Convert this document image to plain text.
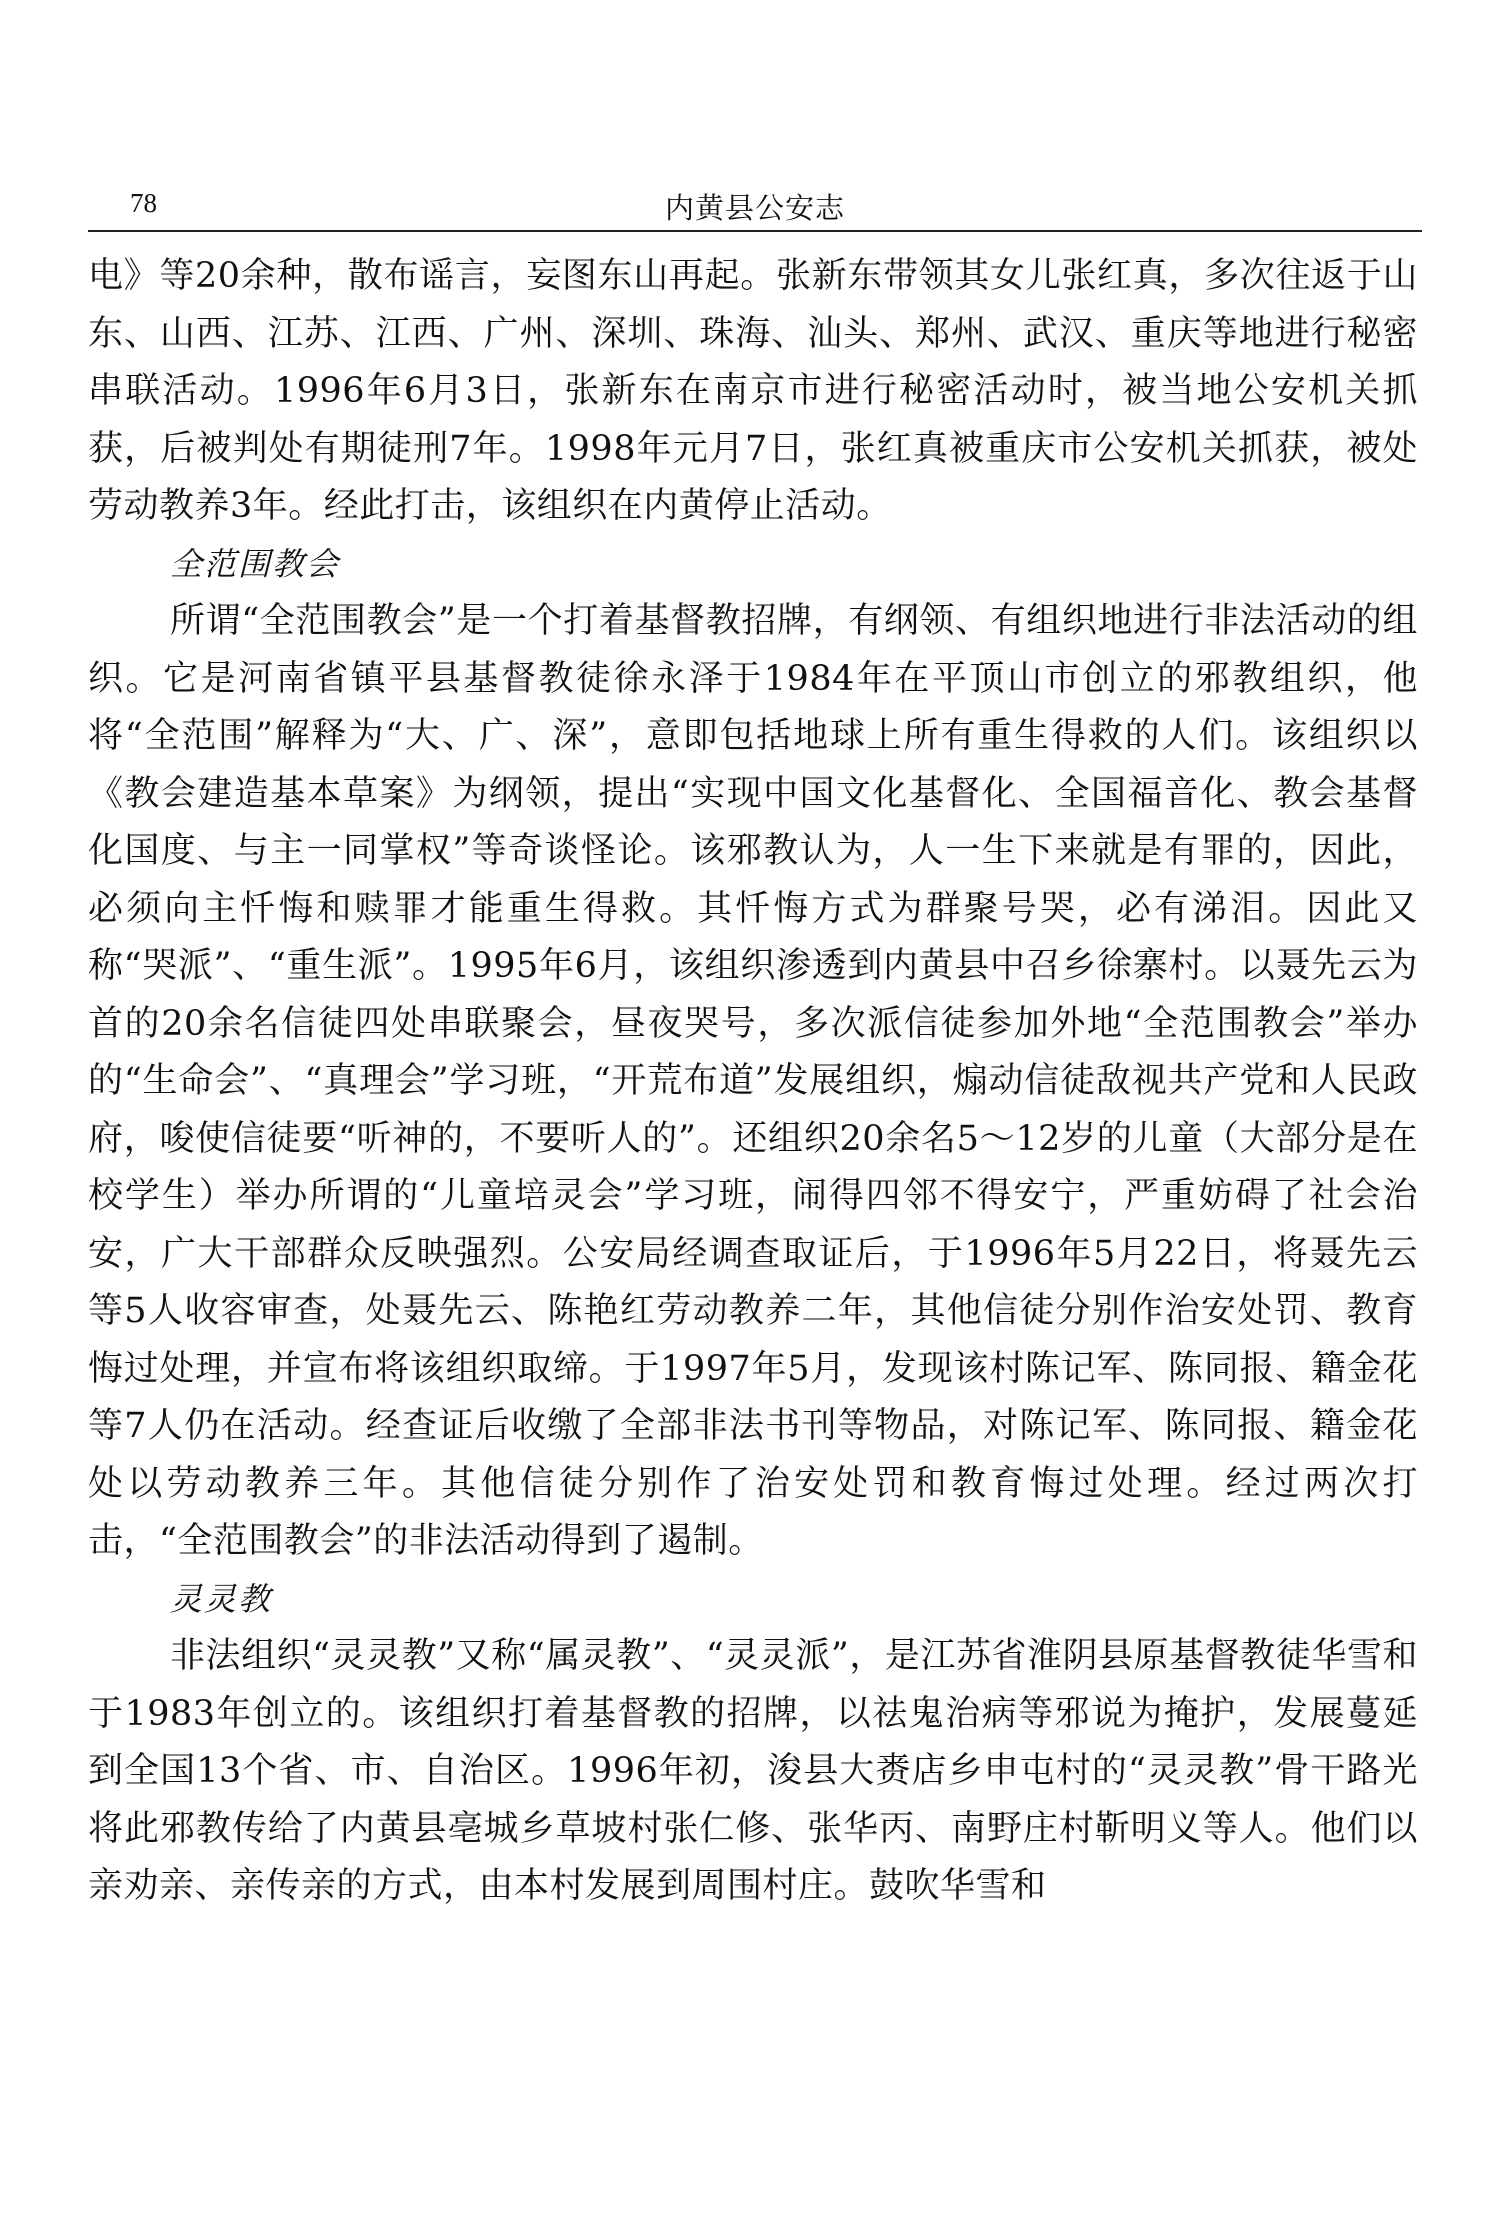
78	内黄县公安志

电》等20余种，散布谣言，妄图东山再起。张新东带领其女儿张红真，多次往返于山东、山西、江苏、江西、广州、深圳、珠海、汕头、郑州、武汉、重庆等地进行秘密串联活动。1996年6月3日，张新东在南京市进行秘密活动时，被当地公安机关抓获，后被判处有期徒刑7年。1998年元月7日，张红真被重庆市公安机关抓获，被处劳动教养3年。经此打击，该组织在内黄停止活动。

全范围教会

所谓“全范围教会”是一个打着基督教招牌，有纲领、有组织地进行非法活动的组织。它是河南省镇平县基督教徒徐永泽于1984年在平顶山市创立的邪教组织，他将“全范围”解释为“大、广、深”，意即包括地球上所有重生得救的人们。该组织以《教会建造基本草案》为纲领，提出“实现中国文化基督化、全国福音化、教会基督化国度、与主一同掌权”等奇谈怪论。该邪教认为，人一生下来就是有罪的，因此，必须向主忏悔和赎罪才能重生得救。其忏悔方式为群聚号哭，必有涕泪。因此又称“哭派”、“重生派”。1995年6月，该组织渗透到内黄县中召乡徐寨村。以聂先云为首的20余名信徒四处串联聚会，昼夜哭号，多次派信徒参加外地“全范围教会”举办的“生命会”、“真理会”学习班，“开荒布道”发展组织，煽动信徒敌视共产党和人民政府，唆使信徒要“听神的，不要听人的”。还组织20余名5～12岁的儿童（大部分是在校学生）举办所谓的“儿童培灵会”学习班，闹得四邻不得安宁，严重妨碍了社会治安，广大干部群众反映强烈。公安局经调查取证后，于1996年5月22日，将聂先云等5人收容审查，处聂先云、陈艳红劳动教养二年，其他信徒分别作治安处罚、教育悔过处理，并宣布将该组织取缔。于1997年5月，发现该村陈记军、陈同报、籍金花等7人仍在活动。经查证后收缴了全部非法书刊等物品，对陈记军、陈同报、籍金花处以劳动教养三年。其他信徒分别作了治安处罚和教育悔过处理。经过两次打击，“全范围教会”的非法活动得到了遏制。

灵灵教

非法组织“灵灵教”又称“属灵教”、“灵灵派”，是江苏省淮阴县原基督教徒华雪和于1983年创立的。该组织打着基督教的招牌，以祛鬼治病等邪说为掩护，发展蔓延到全国13个省、市、自治区。1996年初，浚县大赉店乡申屯村的“灵灵教”骨干路光将此邪教传给了内黄县亳城乡草坡村张仁修、张华丙、南野庄村靳明义等人。他们以亲劝亲、亲传亲的方式，由本村发展到周围村庄。鼓吹华雪和
